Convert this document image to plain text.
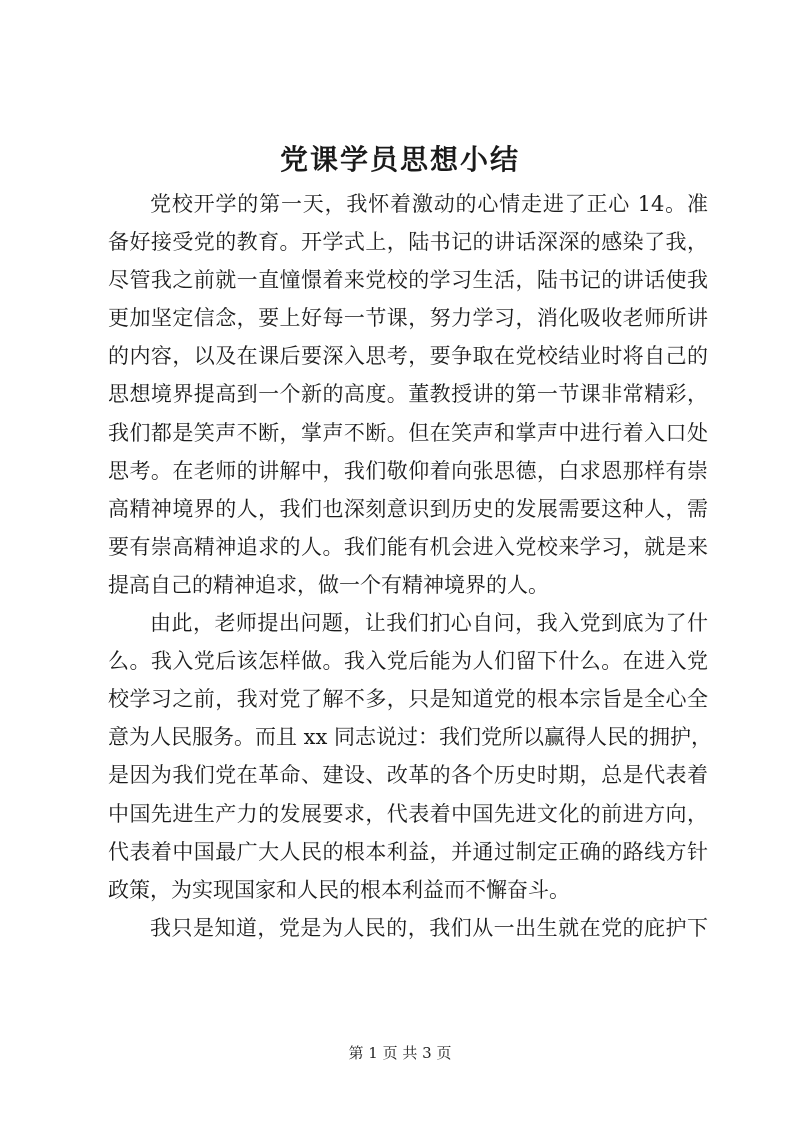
党课学员思想小结
党校开学的第一天，我怀着激动的心情走进了正心 14。准
备好接受党的教育。开学式上，陆书记的讲话深深的感染了我，
尽管我之前就一直憧憬着来党校的学习生活，陆书记的讲话使我
更加坚定信念，要上好每一节课，努力学习，消化吸收老师所讲
的内容，以及在课后要深入思考，要争取在党校结业时将自己的
思想境界提高到一个新的高度。董教授讲的第一节课非常精彩，
我们都是笑声不断，掌声不断。但在笑声和掌声中进行着入口处
思考。在老师的讲解中，我们敬仰着向张思德，白求恩那样有崇
高精神境界的人，我们也深刻意识到历史的发展需要这种人，需
要有崇高精神追求的人。我们能有机会进入党校来学习，就是来
提高自己的精神追求，做一个有精神境界的人。
由此，老师提出问题，让我们扪心自问，我入党到底为了什
么。我入党后该怎样做。我入党后能为人们留下什么。在进入党
校学习之前，我对党了解不多，只是知道党的根本宗旨是全心全
意为人民服务。而且 xx 同志说过：我们党所以赢得人民的拥护，
是因为我们党在革命、建设、改革的各个历史时期，总是代表着
中国先进生产力的发展要求，代表着中国先进文化的前进方向，
代表着中国最广大人民的根本利益，并通过制定正确的路线方针
政策，为实现国家和人民的根本利益而不懈奋斗。
我只是知道，党是为人民的，我们从一出生就在党的庇护下
第 1 页 共 3 页
